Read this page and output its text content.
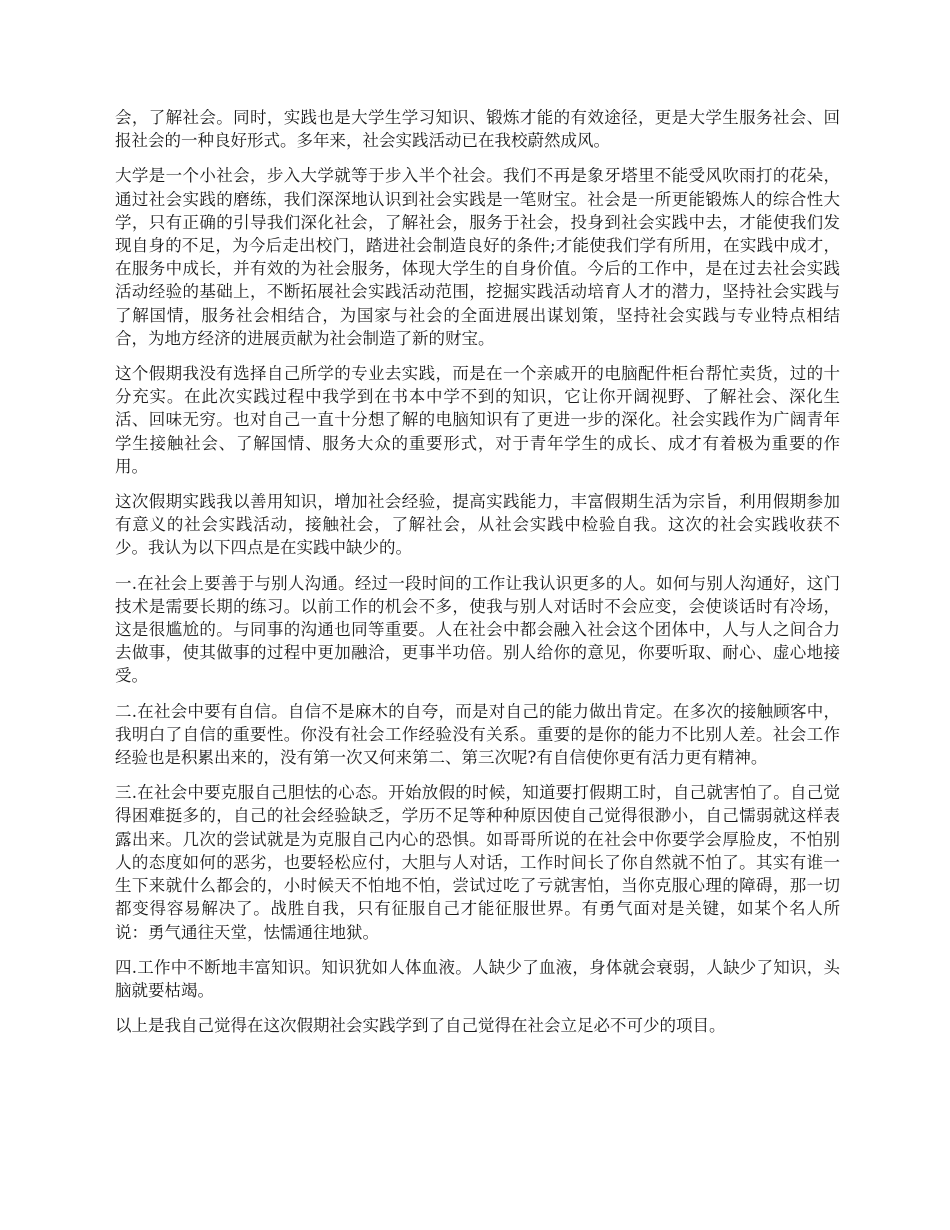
会，了解社会。同时，实践也是大学生学习知识、锻炼才能的有效途径，更是大学生服务社会、回报社会的一种良好形式。多年来，社会实践活动已在我校蔚然成风。

大学是一个小社会，步入大学就等于步入半个社会。我们不再是象牙塔里不能受风吹雨打的花朵，通过社会实践的磨练，我们深深地认识到社会实践是一笔财宝。社会是一所更能锻炼人的综合性大学，只有正确的引导我们深化社会，了解社会，服务于社会，投身到社会实践中去，才能使我们发现自身的不足，为今后走出校门，踏进社会制造良好的条件;才能使我们学有所用，在实践中成才，在服务中成长，并有效的为社会服务，体现大学生的自身价值。今后的工作中，是在过去社会实践活动经验的基础上，不断拓展社会实践活动范围，挖掘实践活动培育人才的潜力，坚持社会实践与了解国情，服务社会相结合，为国家与社会的全面进展出谋划策，坚持社会实践与专业特点相结合，为地方经济的进展贡献为社会制造了新的财宝。

这个假期我没有选择自己所学的专业去实践，而是在一个亲戚开的电脑配件柜台帮忙卖货，过的十分充实。在此次实践过程中我学到在书本中学不到的知识，它让你开阔视野、了解社会、深化生活、回味无穷。也对自己一直十分想了解的电脑知识有了更进一步的深化。社会实践作为广阔青年学生接触社会、了解国情、服务大众的重要形式，对于青年学生的成长、成才有着极为重要的作用。

这次假期实践我以善用知识，增加社会经验，提高实践能力，丰富假期生活为宗旨，利用假期参加有意义的社会实践活动，接触社会，了解社会，从社会实践中检验自我。这次的社会实践收获不少。我认为以下四点是在实践中缺少的。

一.在社会上要善于与别人沟通。经过一段时间的工作让我认识更多的人。如何与别人沟通好，这门技术是需要长期的练习。以前工作的机会不多，使我与别人对话时不会应变，会使谈话时有冷场，这是很尴尬的。与同事的沟通也同等重要。人在社会中都会融入社会这个团体中，人与人之间合力去做事，使其做事的过程中更加融洽，更事半功倍。别人给你的意见，你要听取、耐心、虚心地接受。

二.在社会中要有自信。自信不是麻木的自夸，而是对自己的能力做出肯定。在多次的接触顾客中，我明白了自信的重要性。你没有社会工作经验没有关系。重要的是你的能力不比别人差。社会工作经验也是积累出来的，没有第一次又何来第二、第三次呢?有自信使你更有活力更有精神。

三.在社会中要克服自己胆怯的心态。开始放假的时候，知道要打假期工时，自己就害怕了。自己觉得困难挺多的，自己的社会经验缺乏，学历不足等种种原因使自己觉得很渺小，自己懦弱就这样表露出来。几次的尝试就是为克服自己内心的恐惧。如哥哥所说的在社会中你要学会厚脸皮，不怕别人的态度如何的恶劣，也要轻松应付，大胆与人对话，工作时间长了你自然就不怕了。其实有谁一生下来就什么都会的，小时候天不怕地不怕，尝试过吃了亏就害怕，当你克服心理的障碍，那一切都变得容易解决了。战胜自我，只有征服自己才能征服世界。有勇气面对是关键，如某个名人所说：勇气通往天堂，怯懦通往地狱。

四.工作中不断地丰富知识。知识犹如人体血液。人缺少了血液，身体就会衰弱，人缺少了知识，头脑就要枯竭。

以上是我自己觉得在这次假期社会实践学到了自己觉得在社会立足必不可少的项目。
